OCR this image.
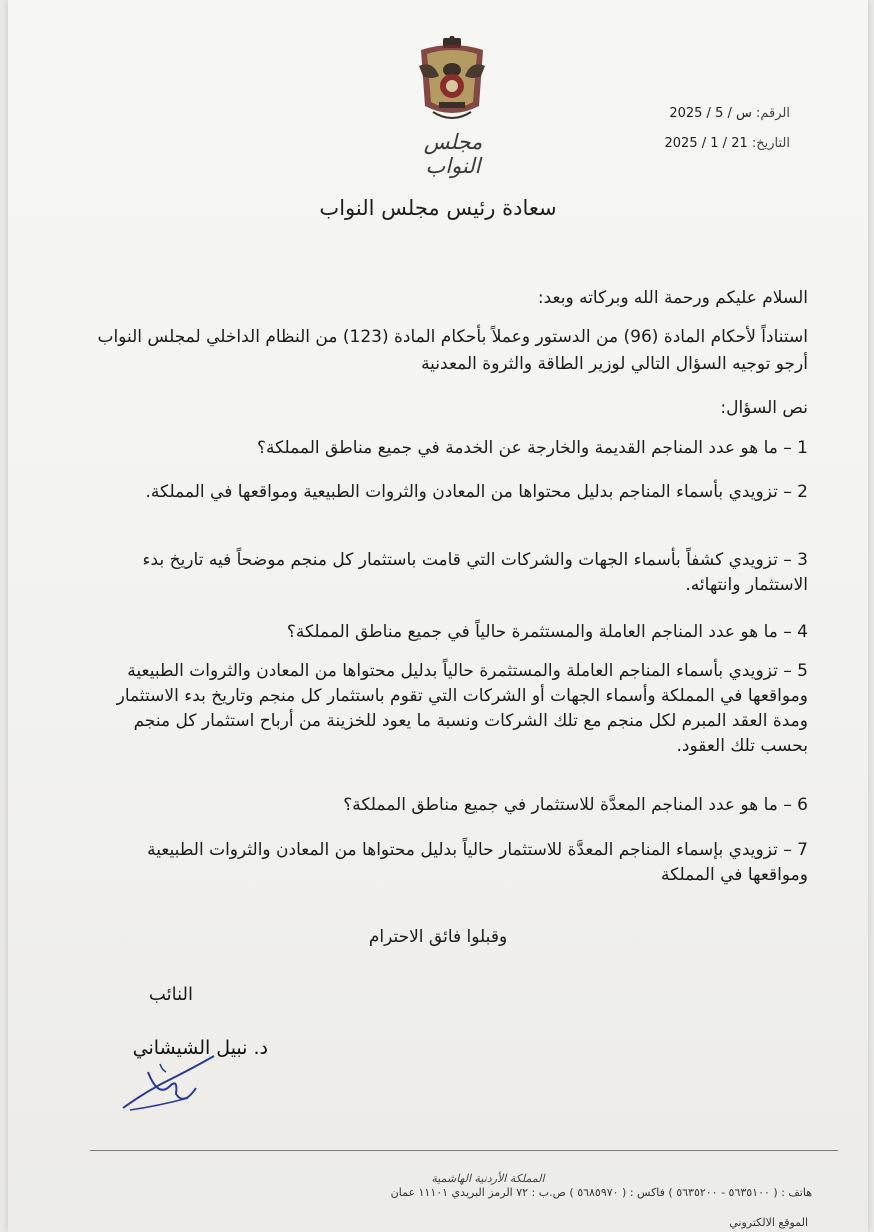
مجلس النواب
الرقم: س / 5 / 2025
التاريخ: 21 / 1 / 2025
سعادة رئيس مجلس النواب
السلام عليكم ورحمة الله وبركاته وبعد:
استناداً لأحكام المادة (96) من الدستور وعملاً بأحكام المادة (123) من النظام الداخلي لمجلس النواب أرجو توجيه السؤال التالي لوزير الطاقة والثروة المعدنية
نص السؤال:
1 – ما هو عدد المناجم القديمة والخارجة عن الخدمة في جميع مناطق المملكة؟
2 – تزويدي بأسماء المناجم بدليل محتواها من المعادن والثروات الطبيعية ومواقعها في المملكة.
3 – تزويدي كشفاً بأسماء الجهات والشركات التي قامت باستثمار كل منجم موضحاً فيه تاريخ بدء الاستثمار وانتهائه.
4 – ما هو عدد المناجم العاملة والمستثمرة حالياً في جميع مناطق المملكة؟
5 – تزويدي بأسماء المناجم العاملة والمستثمرة حالياً بدليل محتواها من المعادن والثروات الطبيعية ومواقعها في المملكة وأسماء الجهات أو الشركات التي تقوم باستثمار كل منجم وتاريخ بدء الاستثمار ومدة العقد المبرم لكل منجم مع تلك الشركات ونسبة ما يعود للخزينة من أرباح استثمار كل منجم بحسب تلك العقود.
6 – ما هو عدد المناجم المعدَّة للاستثمار في جميع مناطق المملكة؟
7 – تزويدي بإسماء المناجم المعدَّة للاستثمار حالياً بدليل محتواها من المعادن والثروات الطبيعية ومواقعها في المملكة
وقبلوا فائق الاحترام
النائب
د. نبيل الشيشاني
المملكة الأردنية الهاشمية
هاتف : ( ٥٦٣٥١٠٠ - ٥٦٣٥٢٠٠ ) فاكس : ( ٥٦٨٥٩٧٠ ) ص.ب : ٧٢ الرمز البريدي ١١١٠١ عمان
الموقع الالكتروني
